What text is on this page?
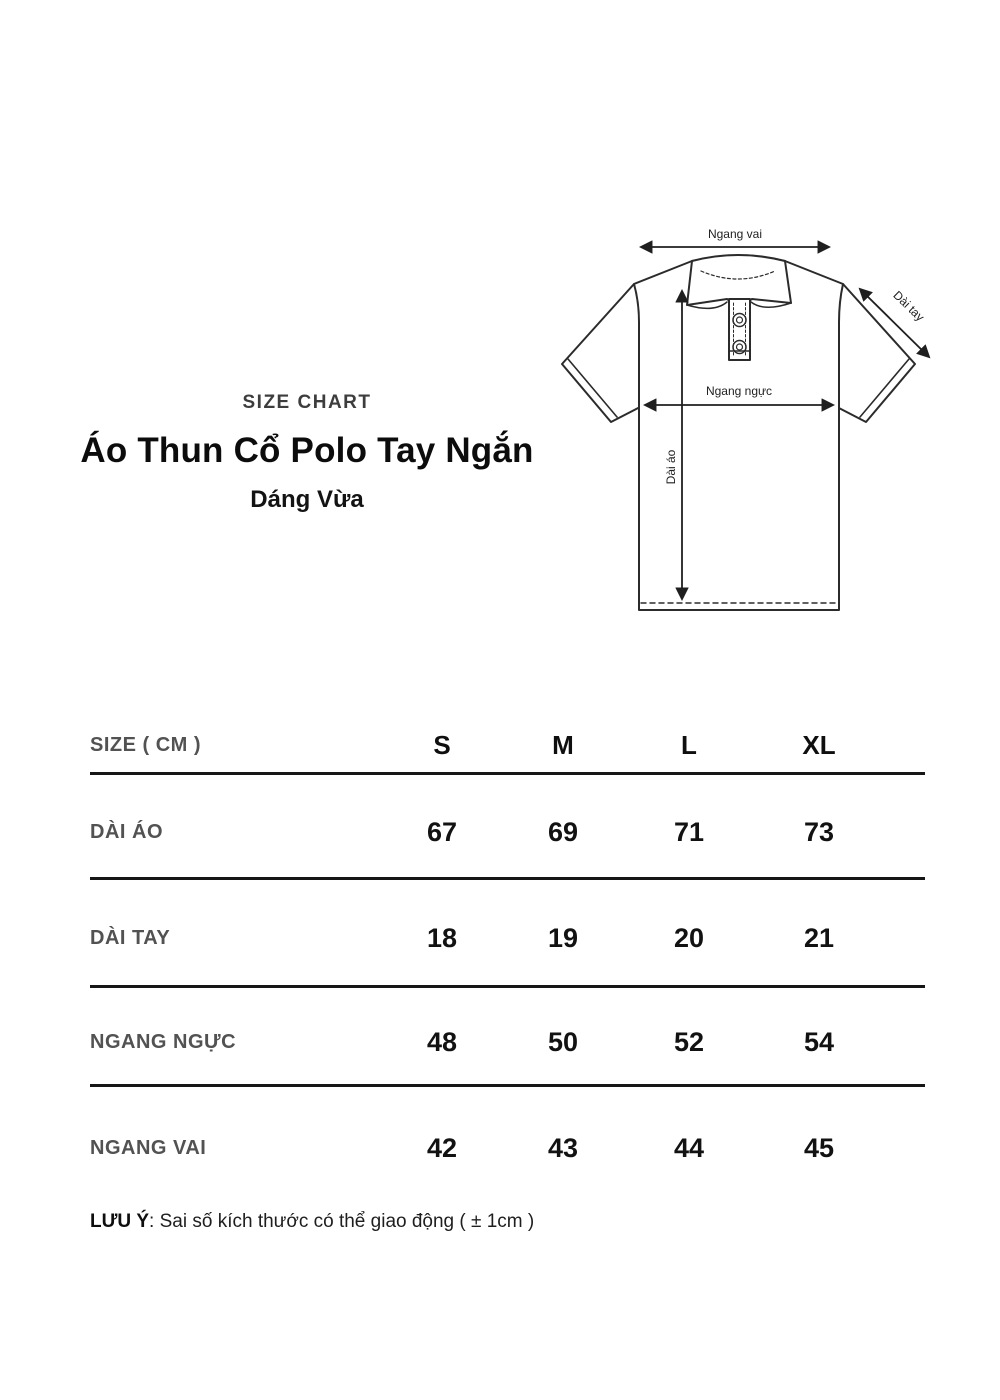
SIZE CHART
Áo Thun Cổ Polo Tay Ngắn
Dáng Vừa
Ngang vai
Ngang ngực
Dài áo
Dài tay
SIZE ( CM )	S	M	L	XL
DÀI ÁO	67	69	71	73
DÀI TAY	18	19	20	21
NGANG NGỰC	48	50	52	54
NGANG VAI	42	43	44	45
LƯU Ý: Sai số kích thước có thể giao động ( ± 1cm )
